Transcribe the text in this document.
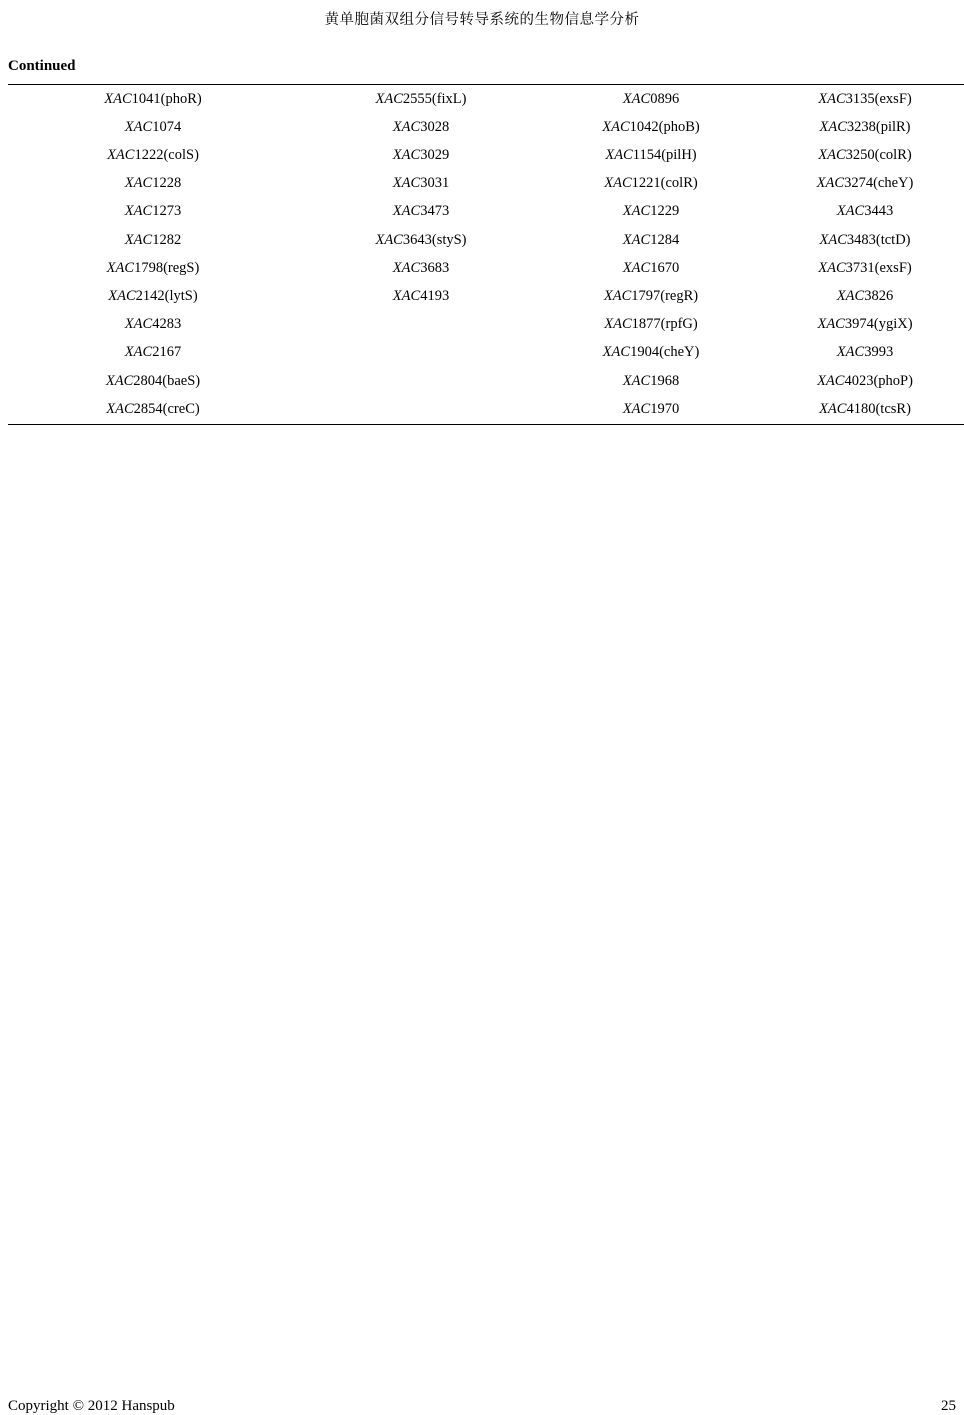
黄单胞菌双组分信号转导系统的生物信息学分析
Continued
XAC1041(phoR)	XAC2555(fixL)	XAC0896	XAC3135(exsF)
XAC1074	XAC3028	XAC1042(phoB)	XAC3238(pilR)
XAC1222(colS)	XAC3029	XAC1154(pilH)	XAC3250(colR)
XAC1228	XAC3031	XAC1221(colR)	XAC3274(cheY)
XAC1273	XAC3473	XAC1229	XAC3443
XAC1282	XAC3643(styS)	XAC1284	XAC3483(tctD)
XAC1798(regS)	XAC3683	XAC1670	XAC3731(exsF)
XAC2142(lytS)	XAC4193	XAC1797(regR)	XAC3826
XAC4283		XAC1877(rpfG)	XAC3974(ygiX)
XAC2167		XAC1904(cheY)	XAC3993
XAC2804(baeS)		XAC1968	XAC4023(phoP)
XAC2854(creC)		XAC1970	XAC4180(tcsR)
Copyright © 2012 Hanspub	25
